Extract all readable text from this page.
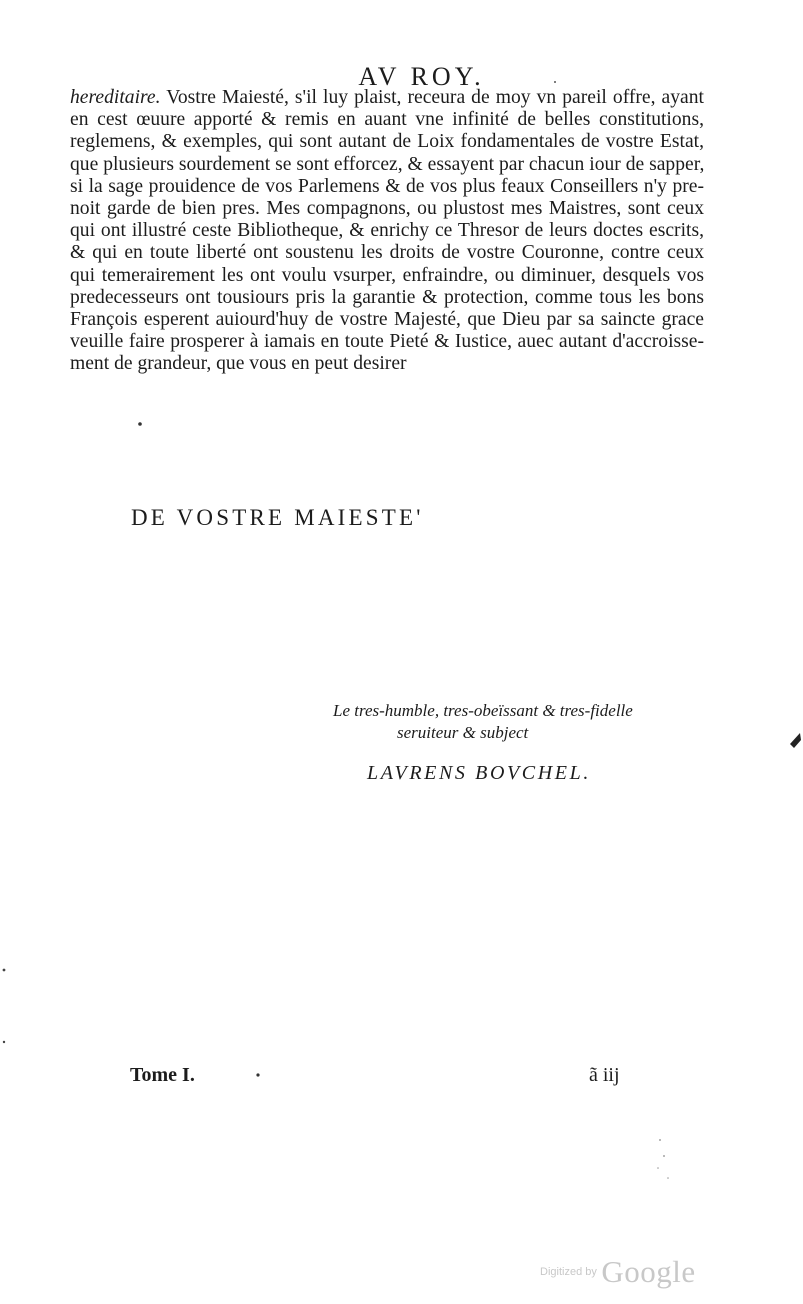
AV ROY.
hereditaire. Vostre Maiesté, s'il luy plaist, receura de moy vn pareil offre, ayant
en cest œuure apporté & remis en auant vne infinité de belles constitutions,
reglemens, & exemples, qui sont autant de Loix fondamentales de vostre Estat,
que plusieurs sourdement se sont efforcez, & essayent par chacun iour de sapper,
si la sage prouidence de vos Parlemens & de vos plus feaux Conseillers n'y pre-
noit garde de bien pres. Mes compagnons, ou plustost mes Maistres, sont ceux
qui ont illustré ceste Bibliotheque, & enrichy ce Thresor de leurs doctes escrits,
& qui en toute liberté ont soustenu les droits de vostre Couronne, contre ceux
qui temerairement les ont voulu vsurper, enfraindre, ou diminuer, desquels vos
predecesseurs ont tousiours pris la garantie & protection, comme tous les bons
François esperent auiourd'huy de vostre Majesté, que Dieu par sa saincte grace
veuille faire prosperer à iamais en toute Pieté & Iustice, auec autant d'accroisse-
ment de grandeur, que vous en peut desirer
DE VOSTRE MAIESTE'
Le tres-humble, tres-obeïssant & tres-fidelle
seruiteur & subject
LAVRENS BOVCHEL.
Tome I.	ã iij
Digitized by Google
